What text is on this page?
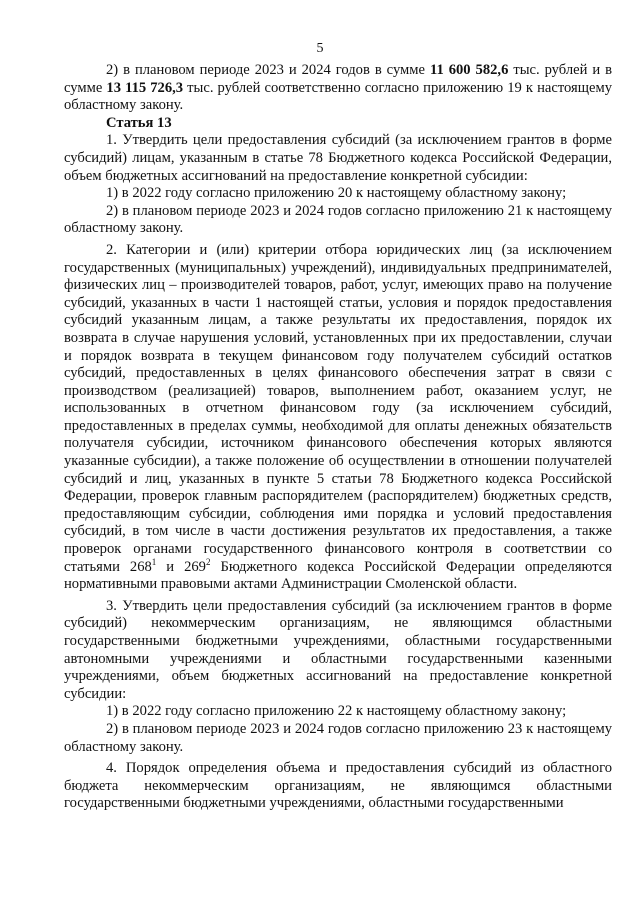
5

2) в плановом периоде 2023 и 2024 годов в сумме 11 600 582,6 тыс. рублей и в сумме 13 115 726,3 тыс. рублей соответственно согласно приложению 19 к настоящему областному закону.

Статья 13

1. Утвердить цели предоставления субсидий (за исключением грантов в форме субсидий) лицам, указанным в статье 78 Бюджетного кодекса Российской Федерации, объем бюджетных ассигнований на предоставление конкретной субсидии:

1) в 2022 году согласно приложению 20 к настоящему областному закону;

2) в плановом периоде 2023 и 2024 годов согласно приложению 21 к настоящему областному закону.

2. Категории и (или) критерии отбора юридических лиц (за исключением государственных (муниципальных) учреждений), индивидуальных предпринимателей, физических лиц – производителей товаров, работ, услуг, имеющих право на получение субсидий, указанных в части 1 настоящей статьи, условия и порядок предоставления субсидий указанным лицам, а также результаты их предоставления, порядок их возврата в случае нарушения условий, установленных при их предоставлении, случаи и порядок возврата в текущем финансовом году получателем субсидий остатков субсидий, предоставленных в целях финансового обеспечения затрат в связи с производством (реализацией) товаров, выполнением работ, оказанием услуг, не использованных в отчетном финансовом году (за исключением субсидий, предоставленных в пределах суммы, необходимой для оплаты денежных обязательств получателя субсидии, источником финансового обеспечения которых являются указанные субсидии), а также положение об осуществлении в отношении получателей субсидий и лиц, указанных в пункте 5 статьи 78 Бюджетного кодекса Российской Федерации, проверок главным распорядителем (распорядителем) бюджетных средств, предоставляющим субсидии, соблюдения ими порядка и условий предоставления субсидий, в том числе в части достижения результатов их предоставления, а также проверок органами государственного финансового контроля в соответствии со статьями $268^1$ и $269^2$ Бюджетного кодекса Российской Федерации определяются нормативными правовыми актами Администрации Смоленской области.

3. Утвердить цели предоставления субсидий (за исключением грантов в форме субсидий) некоммерческим организациям, не являющимся областными государственными бюджетными учреждениями, областными государственными автономными учреждениями и областными государственными казенными учреждениями, объем бюджетных ассигнований на предоставление конкретной субсидии:

1) в 2022 году согласно приложению 22 к настоящему областному закону;

2) в плановом периоде 2023 и 2024 годов согласно приложению 23 к настоящему областному закону.

4. Порядок определения объема и предоставления субсидий из областного бюджета некоммерческим организациям, не являющимся областными государственными бюджетными учреждениями, областными государственными
